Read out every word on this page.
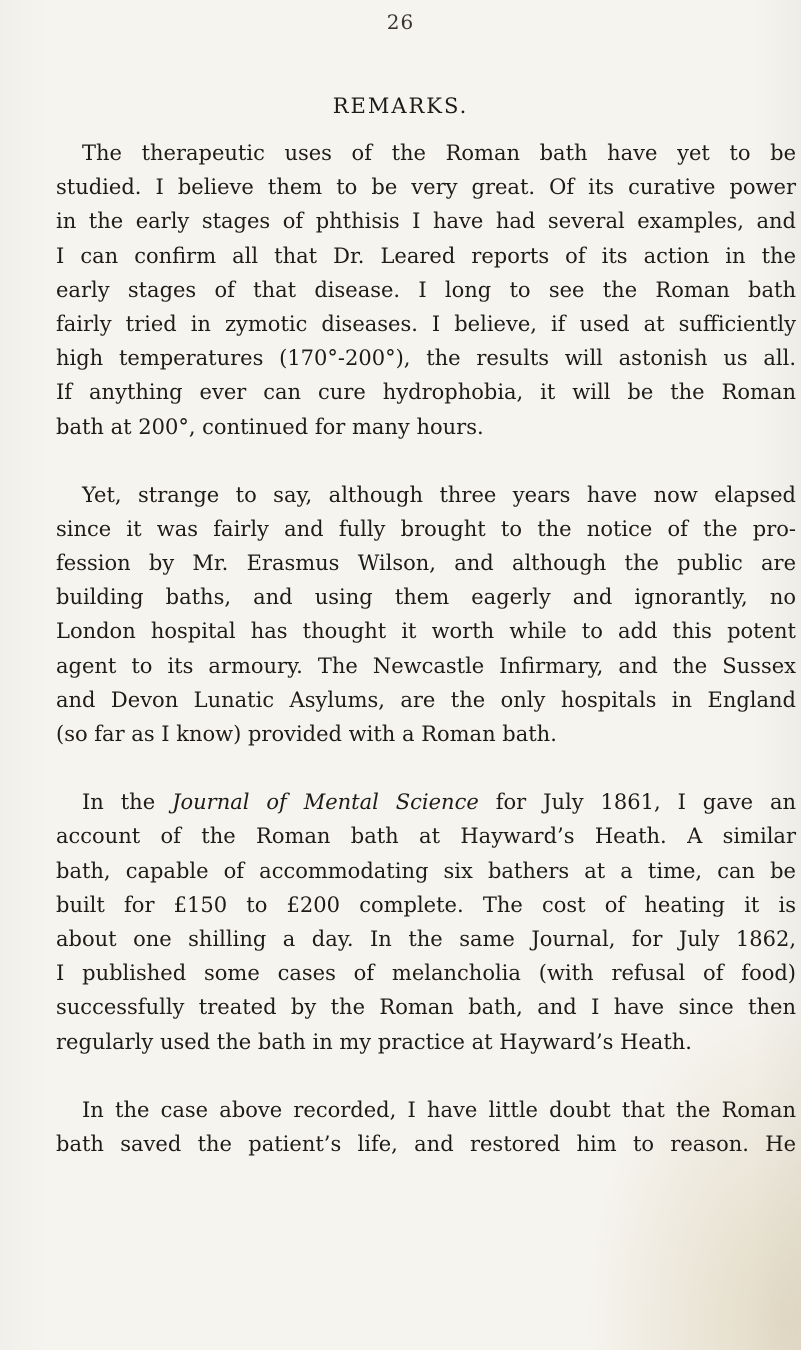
26
REMARKS.
The therapeutic uses of the Roman bath have yet to be
studied. I believe them to be very great. Of its curative power
in the early stages of phthisis I have had several examples, and
I can confirm all that Dr. Leared reports of its action in the
early stages of that disease. I long to see the Roman bath
fairly tried in zymotic diseases. I believe, if used at sufficiently
high temperatures (170°-200°), the results will astonish us all.
If anything ever can cure hydrophobia, it will be the Roman
bath at 200°, continued for many hours.
Yet, strange to say, although three years have now elapsed
since it was fairly and fully brought to the notice of the pro-
fession by Mr. Erasmus Wilson, and although the public are
building baths, and using them eagerly and ignorantly, no
London hospital has thought it worth while to add this potent
agent to its armoury. The Newcastle Infirmary, and the Sussex
and Devon Lunatic Asylums, are the only hospitals in England
(so far as I know) provided with a Roman bath.
In the Journal of Mental Science for July 1861, I gave an
account of the Roman bath at Hayward’s Heath. A similar
bath, capable of accommodating six bathers at a time, can be
built for £150 to £200 complete. The cost of heating it is
about one shilling a day. In the same Journal, for July 1862,
I published some cases of melancholia (with refusal of food)
successfully treated by the Roman bath, and I have since then
regularly used the bath in my practice at Hayward’s Heath.
In the case above recorded, I have little doubt that the Roman
bath saved the patient’s life, and restored him to reason. He
